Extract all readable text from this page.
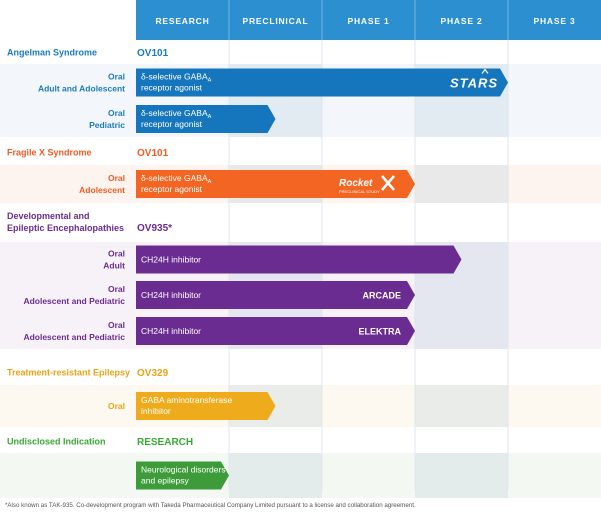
RESEARCH	PRECLINICAL	PHASE 1	PHASE 2	PHASE 3
Angelman Syndrome	OV101
Oral
Adult and Adolescent
δ-selective $GABA_A$
receptor agonist	STARS
Oral
Pediatric
δ-selective $GABA_A$
receptor agonist
Fragile X Syndrome	OV101
Oral
Adolescent
δ-selective $GABA_A$
receptor agonist	Rocket
PRECLINICAL STUDY
Developmental and
Epileptic Encephalopathies OV935*
Oral
Adult
CH24H inhibitor
Oral
Adolescent and Pediatric
CH24H inhibitor	ARCADE
Oral
Adolescent and Pediatric
CH24H inhibitor	ELEKTRA
Treatment-resistant Epilepsy OV329
Oral
GABA aminotransferase
inhibitor
Undisclosed Indication	RESEARCH
Neurological disorders
and epilepsy
*Also known as TAK-935. Co-development program with Takeda Pharmaceutical Company Limited pursuant to a license and collaboration agreement.
